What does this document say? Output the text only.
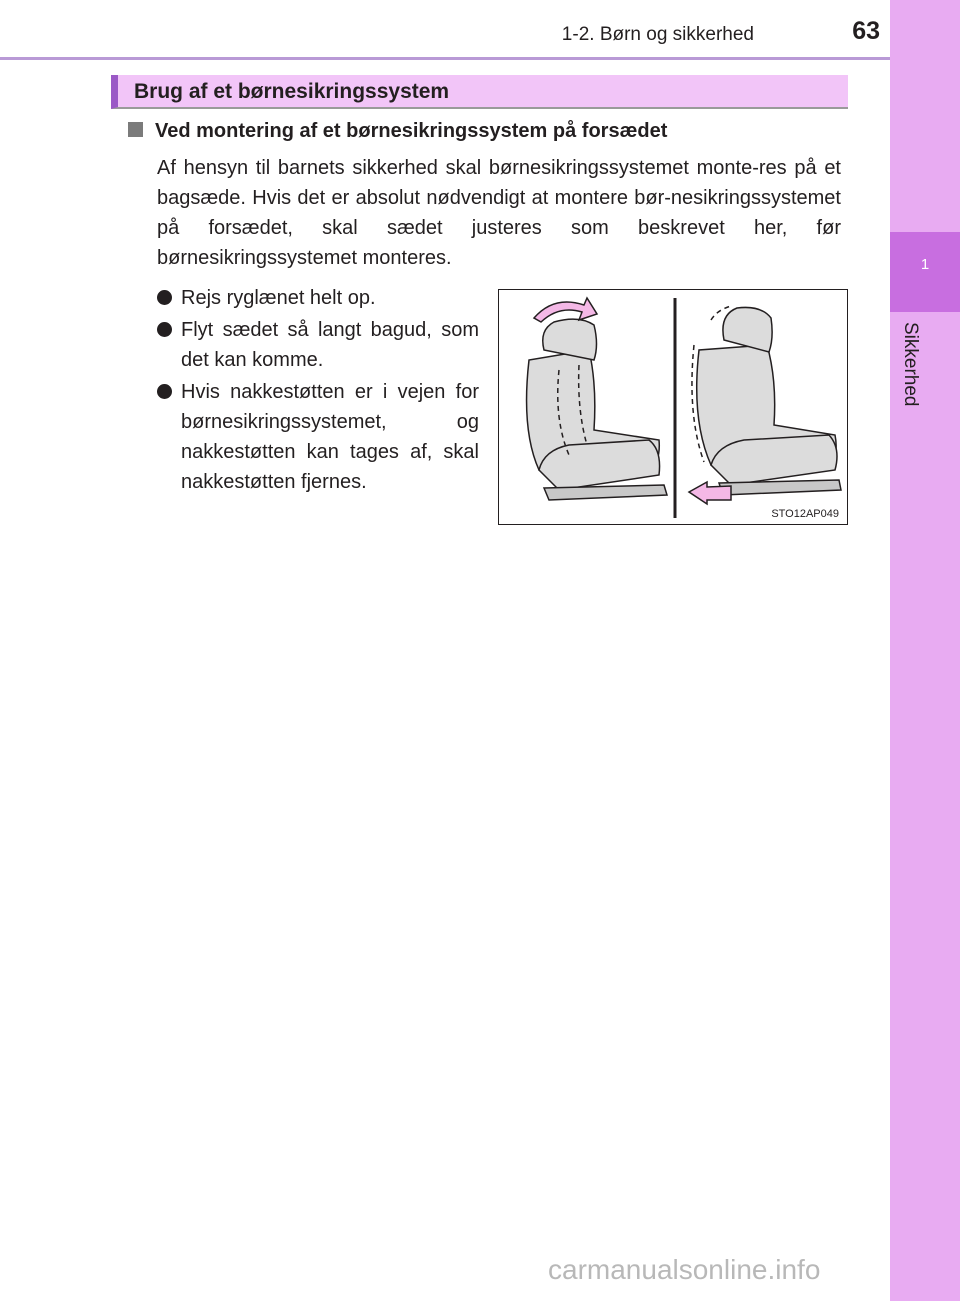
1-2. Børn og sikkerhed	63
1
Sikkerhed
Brug af et børnesikringssystem
Ved montering af et børnesikringssystem på forsædet
Af hensyn til barnets sikkerhed skal børnesikringssystemet monte-res på et bagsæde. Hvis det er absolut nødvendigt at montere bør-nesikringssystemet på forsædet, skal sædet justeres som beskrevet her, før børnesikringssystemet monteres.
Rejs ryglænet helt op.
Flyt sædet så langt bagud, som det kan komme.
Hvis nakkestøtten er i vejen for børnesikringssystemet, og nakkestøtten kan tages af, skal nakkestøtten fjernes.
STO12AP049
carmanualsonline.info
